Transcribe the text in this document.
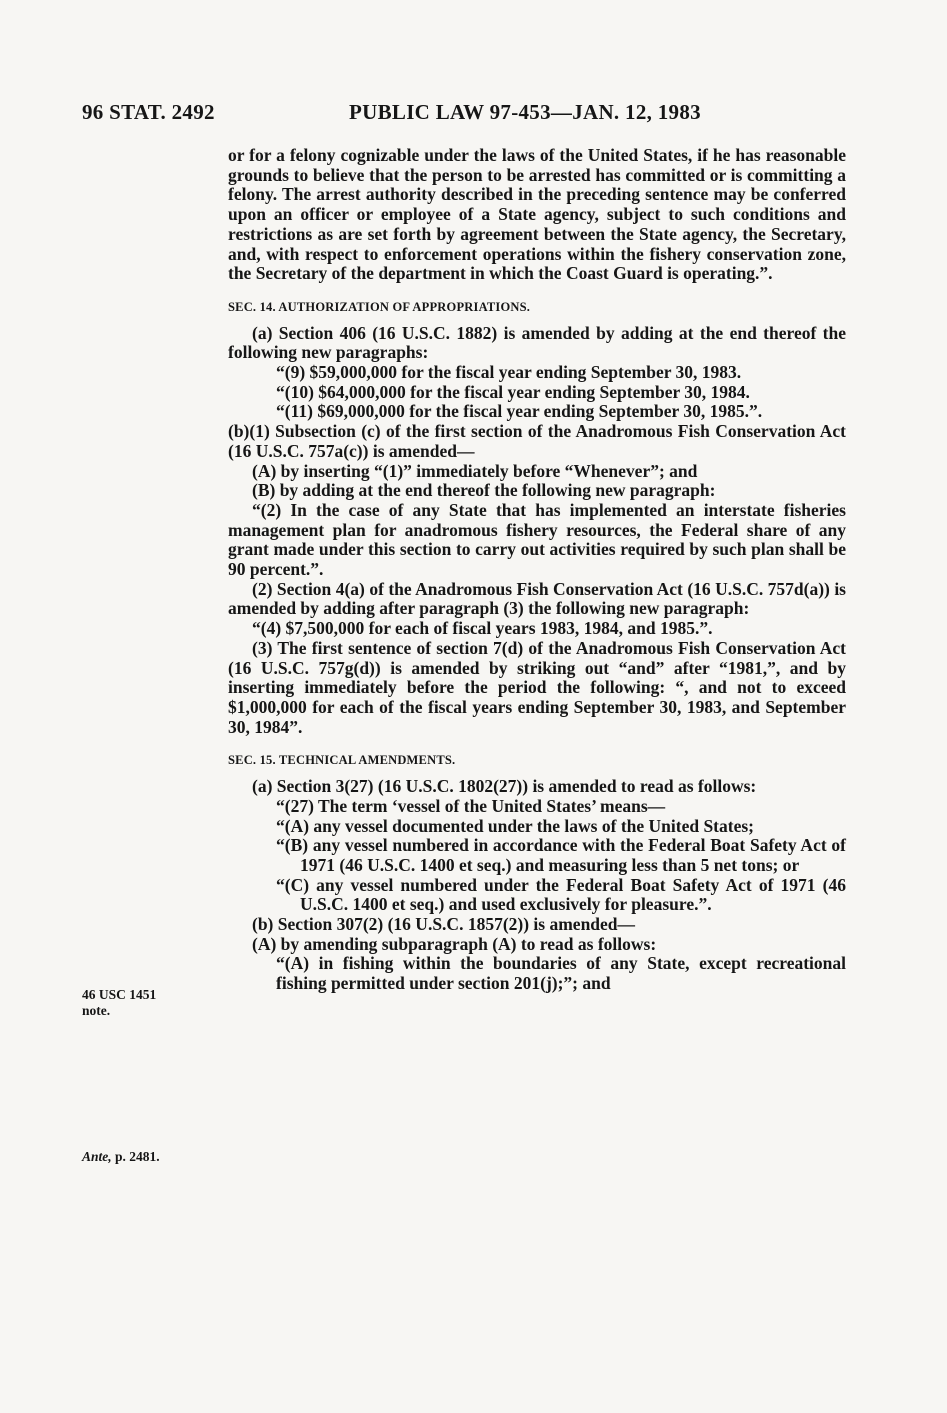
96 STAT. 2492	PUBLIC LAW 97-453—JAN. 12, 1983

or for a felony cognizable under the laws of the United States, if he has reasonable grounds to believe that the person to be arrested has committed or is committing a felony. The arrest authority described in the preceding sentence may be conferred upon an officer or employee of a State agency, subject to such conditions and restrictions as are set forth by agreement between the State agency, the Secretary, and, with respect to enforcement operations within the fishery conservation zone, the Secretary of the department in which the Coast Guard is operating.”.

SEC. 14. AUTHORIZATION OF APPROPRIATIONS.

(a) Section 406 (16 U.S.C. 1882) is amended by adding at the end thereof the following new paragraphs:

“(9) $59,000,000 for the fiscal year ending September 30, 1983.

“(10) $64,000,000 for the fiscal year ending September 30, 1984.

“(11) $69,000,000 for the fiscal year ending September 30, 1985.”.

(b)(1) Subsection (c) of the first section of the Anadromous Fish Conservation Act (16 U.S.C. 757a(c)) is amended—

(A) by inserting “(1)” immediately before “Whenever”; and

(B) by adding at the end thereof the following new paragraph:

“(2) In the case of any State that has implemented an interstate fisheries management plan for anadromous fishery resources, the Federal share of any grant made under this section to carry out activities required by such plan shall be 90 percent.”.

(2) Section 4(a) of the Anadromous Fish Conservation Act (16 U.S.C. 757d(a)) is amended by adding after paragraph (3) the following new paragraph:

“(4) $7,500,000 for each of fiscal years 1983, 1984, and 1985.”.

(3) The first sentence of section 7(d) of the Anadromous Fish Conservation Act (16 U.S.C. 757g(d)) is amended by striking out “and” after “1981,”, and by inserting immediately before the period the following: “, and not to exceed $1,000,000 for each of the fiscal years ending September 30, 1983, and September 30, 1984”.

SEC. 15. TECHNICAL AMENDMENTS.

(a) Section 3(27) (16 U.S.C. 1802(27)) is amended to read as follows:

“(27) The term ‘vessel of the United States’ means—

“(A) any vessel documented under the laws of the United States;

“(B) any vessel numbered in accordance with the Federal Boat Safety Act of 1971 (46 U.S.C. 1400 et seq.) and measuring less than 5 net tons; or

“(C) any vessel numbered under the Federal Boat Safety Act of 1971 (46 U.S.C. 1400 et seq.) and used exclusively for pleasure.”.

(b) Section 307(2) (16 U.S.C. 1857(2)) is amended—

(A) by amending subparagraph (A) to read as follows:

“(A) in fishing within the boundaries of any State, except recreational fishing permitted under section 201(j);”; and

46 USC 1451
note.
Ante, p. 2481.
